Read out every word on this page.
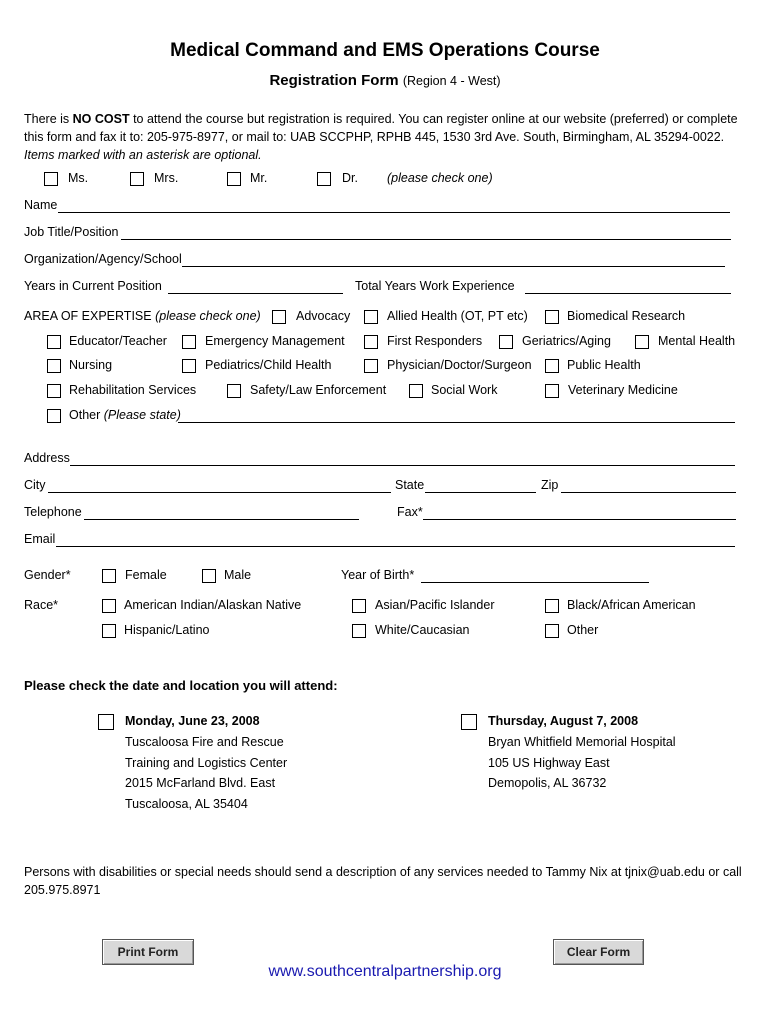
Medical Command and EMS Operations Course
Registration Form (Region 4 - West)
There is NO COST to attend the course but registration is required. You can register online at our website (preferred) or complete this form and fax it to: 205-975-8977, or mail to: UAB SCCPHP, RPHB 445, 1530 3rd Ave. South, Birmingham, AL 35294-0022. Items marked with an asterisk are optional.
Ms.	Mrs.	Mr.	Dr. (please check one)
Name
Job Title/Position
Organization/Agency/School
Years in Current Position	Total Years Work Experience
AREA OF EXPERTISE (please check one)	Advocacy	Allied Health (OT, PT etc)	Biomedical Research
Educator/Teacher	Emergency Management	First Responders	Geriatrics/Aging	Mental Health
Nursing	Pediatrics/Child Health	Physician/Doctor/Surgeon	Public Health
Rehabilitation Services	Safety/Law Enforcement	Social Work	Veterinary Medicine
Other (Please state)
Address
City	State	Zip
Telephone	Fax*
Email
Gender*	Female	Male	Year of Birth*
Race*	American Indian/Alaskan Native	Asian/Pacific Islander	Black/African American
Hispanic/Latino	White/Caucasian	Other
Please check the date and location you will attend:
Monday, June 23, 2008
Tuscaloosa Fire and Rescue
Training and Logistics Center
2015 McFarland Blvd. East
Tuscaloosa, AL 35404
Thursday, August 7, 2008
Bryan Whitfield Memorial Hospital
105 US Highway East
Demopolis, AL 36732
Persons with disabilities or special needs should send a description of any services needed to Tammy Nix at tjnix@uab.edu or call 205.975.8971
Print Form	Clear Form
www.southcentralpartnership.org
